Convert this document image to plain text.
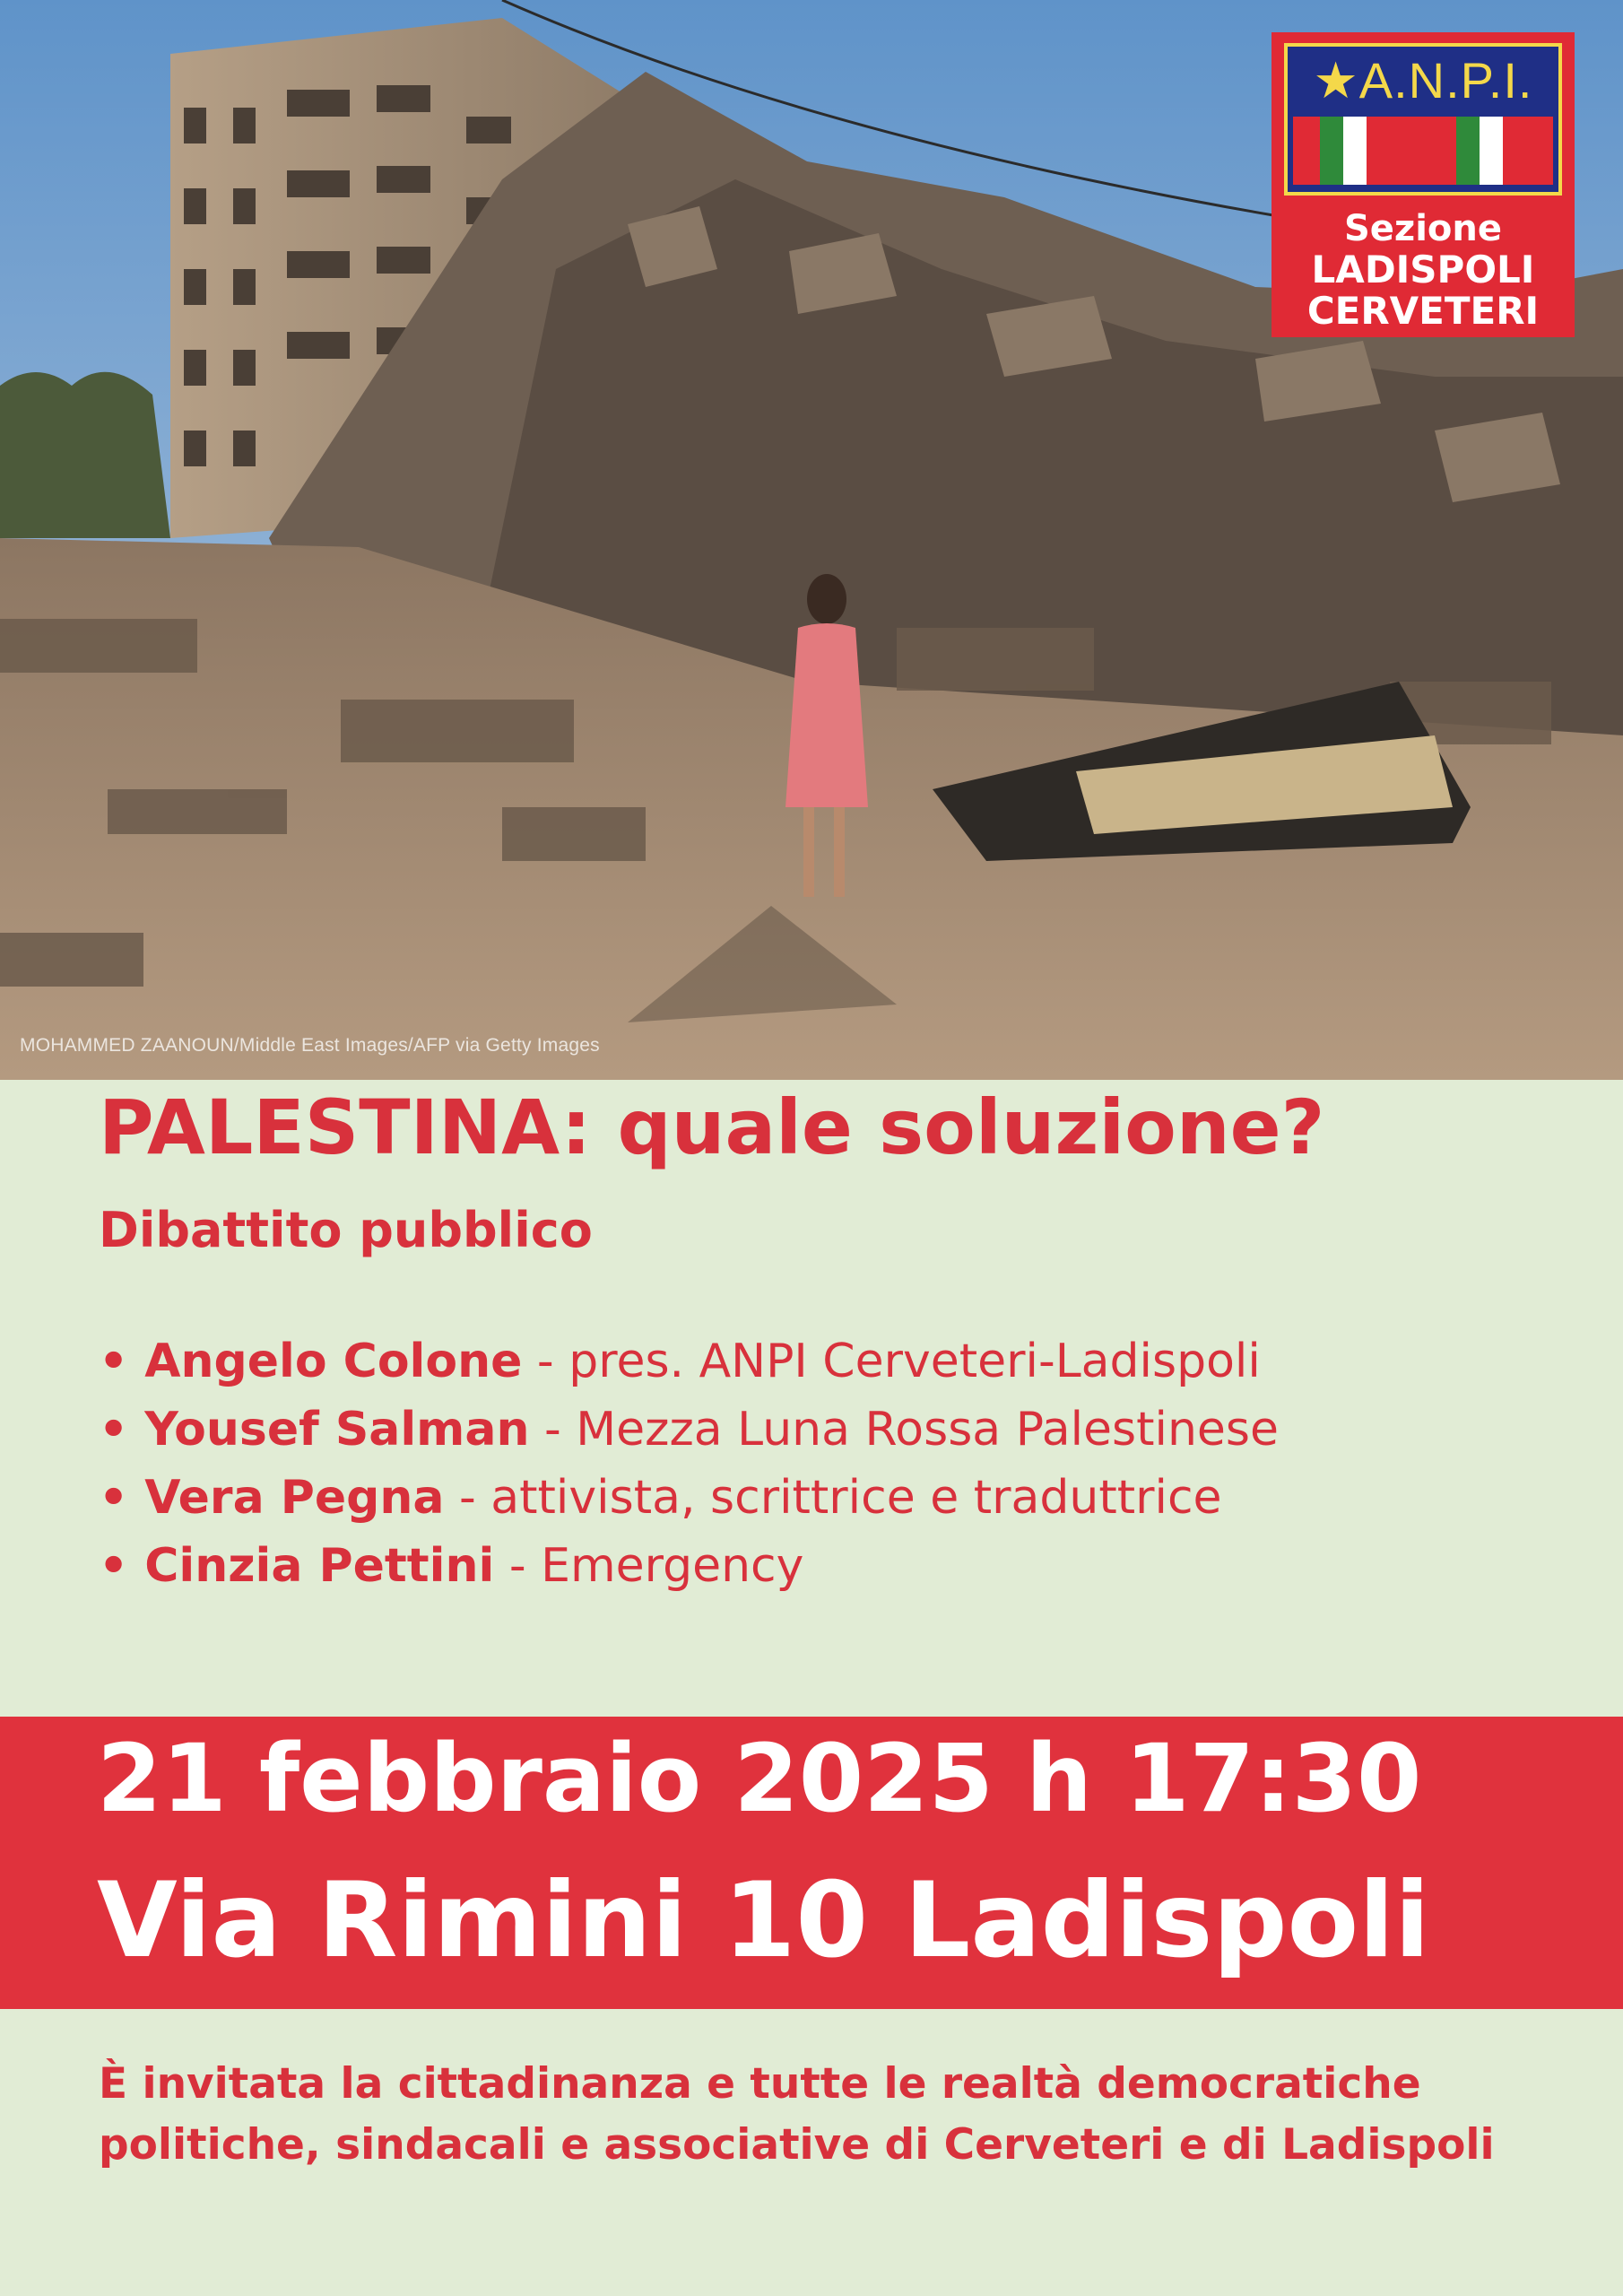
MOHAMMED ZAANOUN/Middle East Images/AFP via Getty Images
★A.N.P.I.
Sezione
LADISPOLI
CERVETERI
PALESTINA: quale soluzione?
Dibattito pubblico
• Angelo Colone - pres. ANPI Cerveteri-Ladispoli
• Yousef Salman - Mezza Luna Rossa Palestinese
• Vera Pegna - attivista, scrittrice e traduttrice
• Cinzia Pettini - Emergency
21 febbraio 2025 h 17:30
Via Rimini 10 Ladispoli
È invitata la cittadinanza e tutte le realtà democratiche
politiche, sindacali e associative di Cerveteri e di Ladispoli
